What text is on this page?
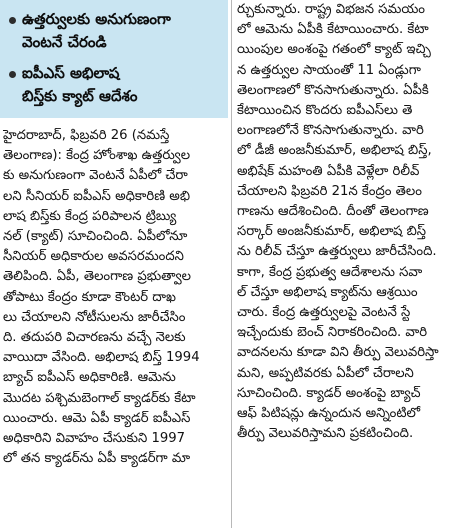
ఉత్తర్వులకు అనుగుణంగా
వెంటనే చేరండి
ఐపీఎస్ అభిలాష
బిస్త్‌కు క్యాట్ ఆదేశం
హైదరాబాద్, ఫిబ్రవరి 26 (నమస్తే
తెలంగాణ): కేంద్ర హోంశాఖ ఉత్తర్వుల
కు అనుగుణంగా వెంటనే ఏపీలో చేరా
లని సీనియర్ ఐపీఎస్ అధికారిణి అభి
లాష బిస్త్‌కు కేంద్ర పరిపాలన ట్రిబ్యు
నల్ (క్యాట్) సూచించింది. ఏపీలోనూ
సీనియర్ అధికారుల అవసరమందని
తెలిపింది. ఏపీ, తెలంగాణ ప్రభుత్వాల
తోపాటు కేంద్రం కూడా కౌంటర్ దాఖ
లు చేయాలని నోటీసులను జారీచేసిం
ది. తదుపరి విచారణను వచ్చే నెలకు
వాయిదా వేసింది. అభిలాష బిస్త్ 1994
బ్యాచ్ ఐపీఎస్ అధికారిణి. ఆమెను
మొదట పశ్చిమబెంగాల్ క్యాడర్‌కు కేటా
యించారు. ఆమె ఏపీ క్యాడర్ ఐపీఎస్
అధికారిని వివాహం చేసుకుని 1997
లో తన క్యాడర్‌ను ఏపీ క్యాడర్‌గా మా
ర్చుకున్నారు. రాష్ట్ర విభజన సమయం
లో ఆమెను ఏపీకి కేటాయించారు. కేటా
యింపుల అంశంపై గతంలో క్యాట్ ఇచ్చి
న ఉత్తర్వుల సాయంతో 11 ఏండ్లుగా
తెలంగాణలో కొనసాగుతున్నారు. ఏపీకి
కేటాయించిన కొందరు ఐపీఎస్‌లు తె
లంగాణలోనే కొనసాగుతున్నారు. వారి
లో డీజీ అంజనీకుమార్, అభిలాష బిస్త్,
అభిషేక్ మహంతి ఏపీకి వెళ్లేలా రిలీవ్
చేయాలని ఫిబ్రవరి 21న కేంద్రం తెలం
గాణను ఆదేశించింది. దీంతో తెలంగాణ
సర్కార్ అంజనీకుమార్, అభిలాష బిస్త్
ను రిలీవ్ చేస్తూ ఉత్తర్వులు జారీచేసింది.
కాగా, కేంద్ర ప్రభుత్వ ఆదేశాలను సవా
ల్ చేస్తూ అభిలాష క్యాట్‌ను ఆశ్రయిం
చారు. కేంద్ర ఉత్తర్వులపై వెంటనే స్టే
ఇచ్చేందుకు బెంచ్ నిరాకరించింది. వారి
వాదనలను కూడా విని తీర్పు వెలువరిస్తా
మని, అప్పటివరకు ఏపీలో చేరాలని
సూచించింది. క్యాడర్ అంశంపై బ్యాచ్
ఆఫ్ పిటిషన్లు ఉన్నందున అన్నింటిలో
తీర్పు వెలువరిస్తామని ప్రకటించింది.
